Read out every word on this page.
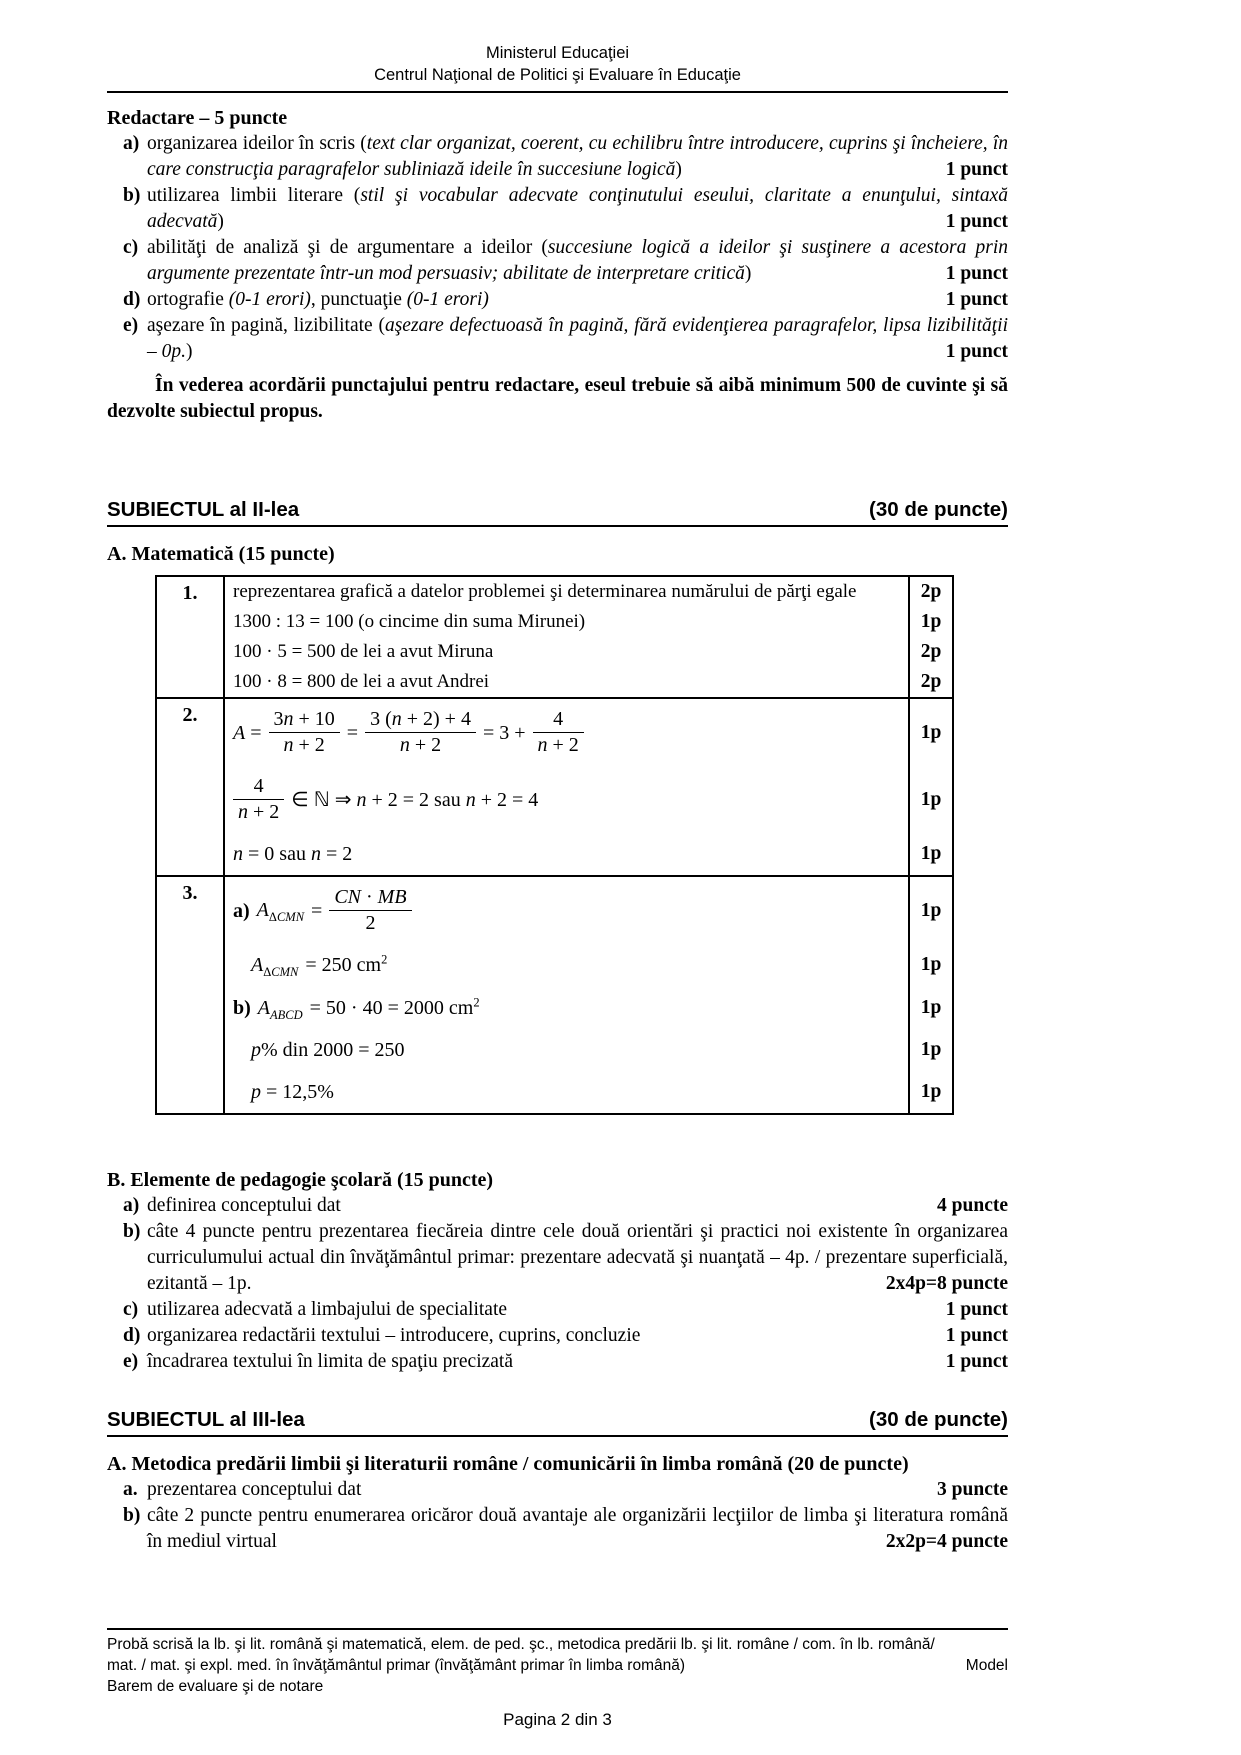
Ministerul Educaţiei
Centrul Naţional de Politici şi Evaluare în Educaţie
Redactare – 5 puncte
a) organizarea ideilor în scris (text clar organizat, coerent, cu echilibru între introducere, cuprins şi încheiere, în care construcţia paragrafelor subliniază ideile în succesiune logică)	1 punct
b) utilizarea limbii literare (stil şi vocabular adecvate conţinutului eseului, claritate a enunţului, sintaxă adecvată)	1 punct
c) abilităţi de analiză şi de argumentare a ideilor (succesiune logică a ideilor şi susţinere a acestora prin argumente prezentate într-un mod persuasiv; abilitate de interpretare critică)	1 punct
d) ortografie (0-1 erori), punctuaţie (0-1 erori)	1 punct
e) aşezare în pagină, lizibilitate (aşezare defectuoasă în pagină, fără evidenţierea paragrafelor, lipsa lizibilităţii – 0p.)	1 punct
În vederea acordării punctajului pentru redactare, eseul trebuie să aibă minimum 500 de cuvinte şi să dezvolte subiectul propus.
SUBIECTUL al II-lea	(30 de puncte)
A. Matematică (15 puncte)
1.	reprezentarea grafică a datelor problemei şi determinarea numărului de părţi egale	2p
1300 : 13 = 100 (o cincime din suma Mirunei)	1p
100 · 5 = 500 de lei a avut Miruna	2p
100 · 8 = 800 de lei a avut Andrei	2p
2.
$A = \frac{3n + 10}{n + 2} = \frac{3 (n + 2) + 4}{n + 2} = 3 + \frac{4}{n + 2}$	1p
$\frac{4}{n + 2}$ ∈ ℕ ⇒ n + 2 = 2 sau n + 2 = 4	1p
n = 0 sau n = 2	1p
3.
a) $A_{\Delta CMN} = \frac{CN \cdot MB}{2}$	1p
$A_{\Delta CMN} = 250$ $cm^2$	1p
b) $A_{ABCD} = 50 \cdot 40 = 2000$ $cm^2$	1p
p% din 2000 = 250	1p
p = 12,5%	1p
B. Elemente de pedagogie şcolară (15 puncte)
a) definirea conceptului dat	4 puncte
b) câte 4 puncte pentru prezentarea fiecăreia dintre cele două orientări şi practici noi existente în organizarea curriculumului actual din învăţământul primar: prezentare adecvată şi nuanţată – 4p. / prezentare superficială, ezitantă – 1p.	2x4p=8 puncte
c) utilizarea adecvată a limbajului de specialitate	1 punct
d) organizarea redactării textului – introducere, cuprins, concluzie	1 punct
e) încadrarea textului în limita de spaţiu precizată	1 punct
SUBIECTUL al III-lea	(30 de puncte)
A. Metodica predării limbii şi literaturii române / comunicării în limba română (20 de puncte)
a. prezentarea conceptului dat	3 puncte
b) câte 2 puncte pentru enumerarea oricăror două avantaje ale organizării lecţiilor de limba şi literatura română în mediul virtual	2x2p=4 puncte
Probă scrisă la lb. şi lit. română şi matematică, elem. de ped. şc., metodica predării lb. şi lit. române / com. în lb. română/
mat. / mat. şi expl. med. în învăţământul primar (învăţământ primar în limba română)	Model
Barem de evaluare şi de notare
Pagina 2 din 3
